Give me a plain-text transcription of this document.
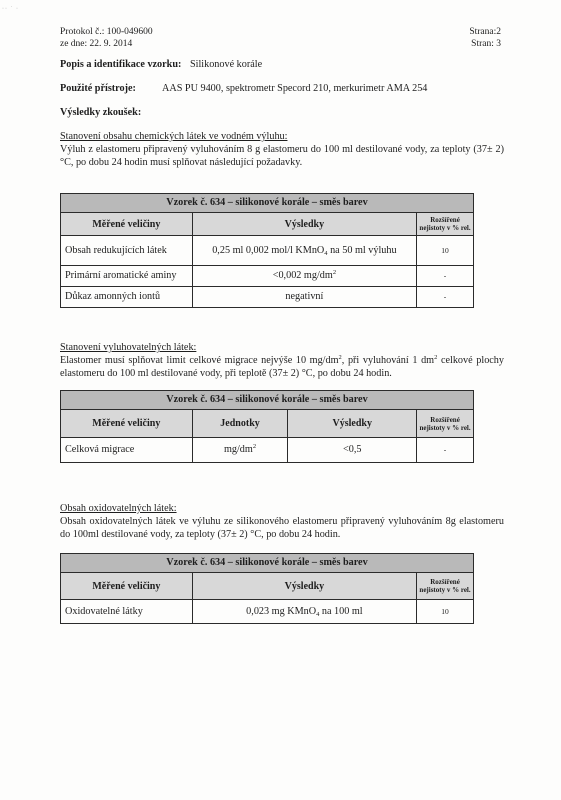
·· ˙ ·
Protokol č.: 100-049600
ze dne: 22. 9. 2014
Strana:2
Stran: 3
Popis a identifikace vzorku: Silikonové korále
Použité přístroje:	AAS PU 9400, spektrometr Specord 210, merkurimetr AMA 254
Výsledky zkoušek:
Stanovení obsahu chemických látek ve vodném výluhu:
Výluh z elastomeru připravený vyluhováním 8 g elastomeru do 100 ml destilované vody, za teploty (37± 2) °C, po dobu 24 hodin musí splňovat následující požadavky.
Vzorek č. 634 – silikonové korále – směs barev		
Měřené veličiny	Výsledky	Rozšířené nejistoty v % rel.
Obsah redukujících látek	0,25 ml 0,002 mol/l KMnO$_4$ na 50 ml výluhu	10
Primární aromatické aminy	<0,002 $mg/dm^2$	-
Důkaz amonných iontů	negativní	-
Stanovení vyluhovatelných látek:
Elastomer musí splňovat limit celkové migrace nejvýše 10 $mg/dm^2$, při vyluhování 1 $dm^2$ celkové plochy elastomeru do 100 ml destilované vody, při teplotě (37± 2) °C, po dobu 24 hodin.
Vzorek č. 634 – silikonové korále – směs barev			
Měřené veličiny	Jednotky	Výsledky	Rozšířené nejistoty v % rel.
Celková migrace	$mg/dm^2$	<0,5	-
Obsah oxidovatelných látek:
Obsah oxidovatelných látek ve výluhu ze silikonového elastomeru připravený vyluhováním 8g elastomeru do 100ml destilované vody, za teploty (37± 2) °C, po dobu 24 hodin.
Vzorek č. 634 – silikonové korále – směs barev		
Měřené veličiny	Výsledky	Rozšířené nejistoty v % rel.
Oxidovatelné látky	0,023 mg KMnO$_4$ na 100 ml	10
